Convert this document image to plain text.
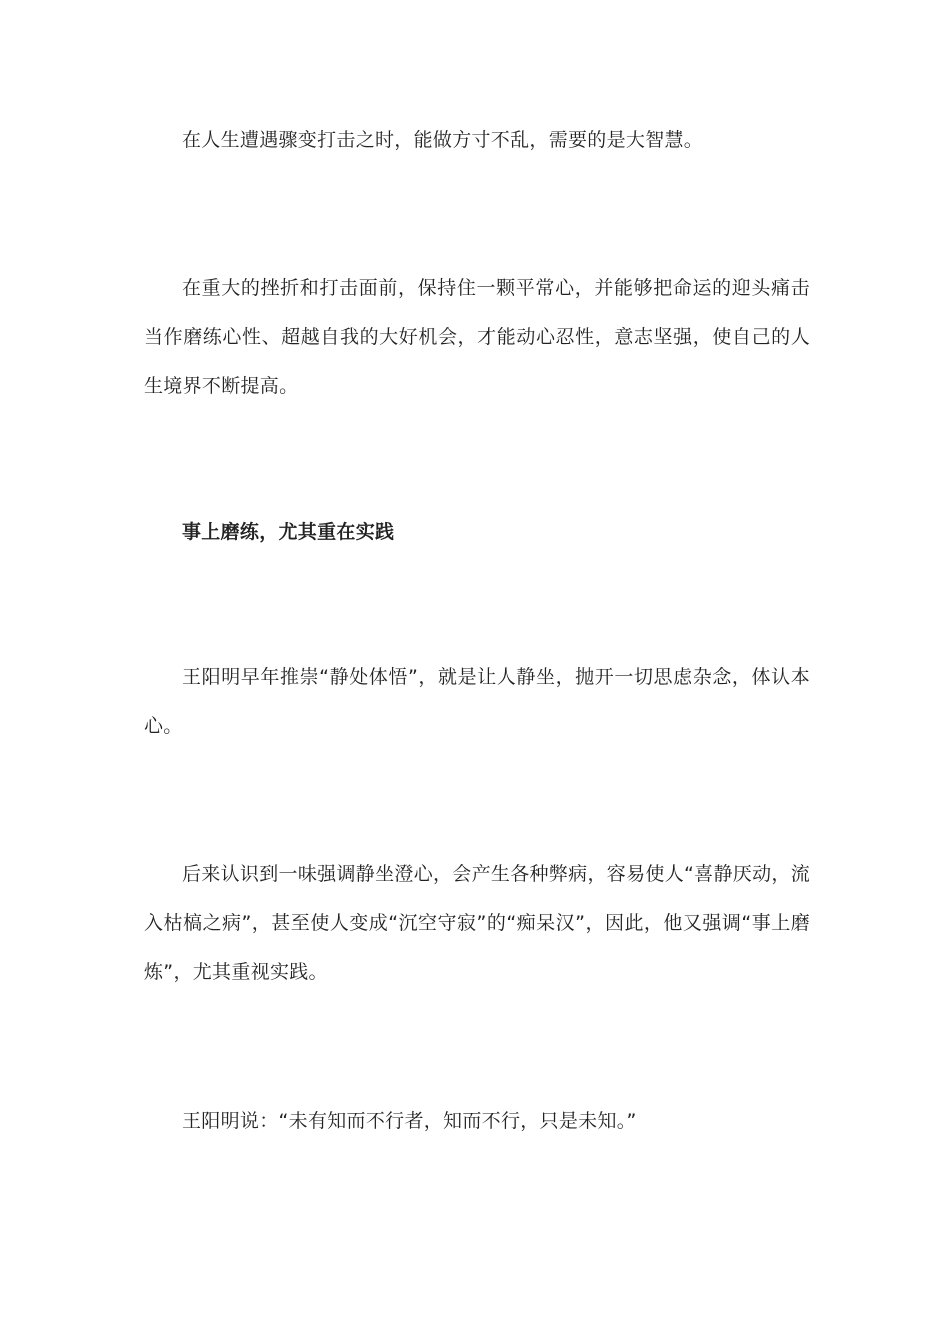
在人生遭遇骤变打击之时，能做方寸不乱，需要的是大智慧。

在重大的挫折和打击面前，保持住一颗平常心，并能够把命运的迎头痛击当作磨练心性、超越自我的大好机会，才能动心忍性，意志坚强，使自己的人生境界不断提高。

事上磨练，尤其重在实践

王阳明早年推崇“静处体悟”，就是让人静坐，抛开一切思虑杂念，体认本心。

后来认识到一味强调静坐澄心，会产生各种弊病，容易使人“喜静厌动，流入枯槁之病”，甚至使人变成“沉空守寂”的“痴呆汉”，因此，他又强调“事上磨炼”，尤其重视实践。

王阳明说：“未有知而不行者，知而不行，只是未知。”
